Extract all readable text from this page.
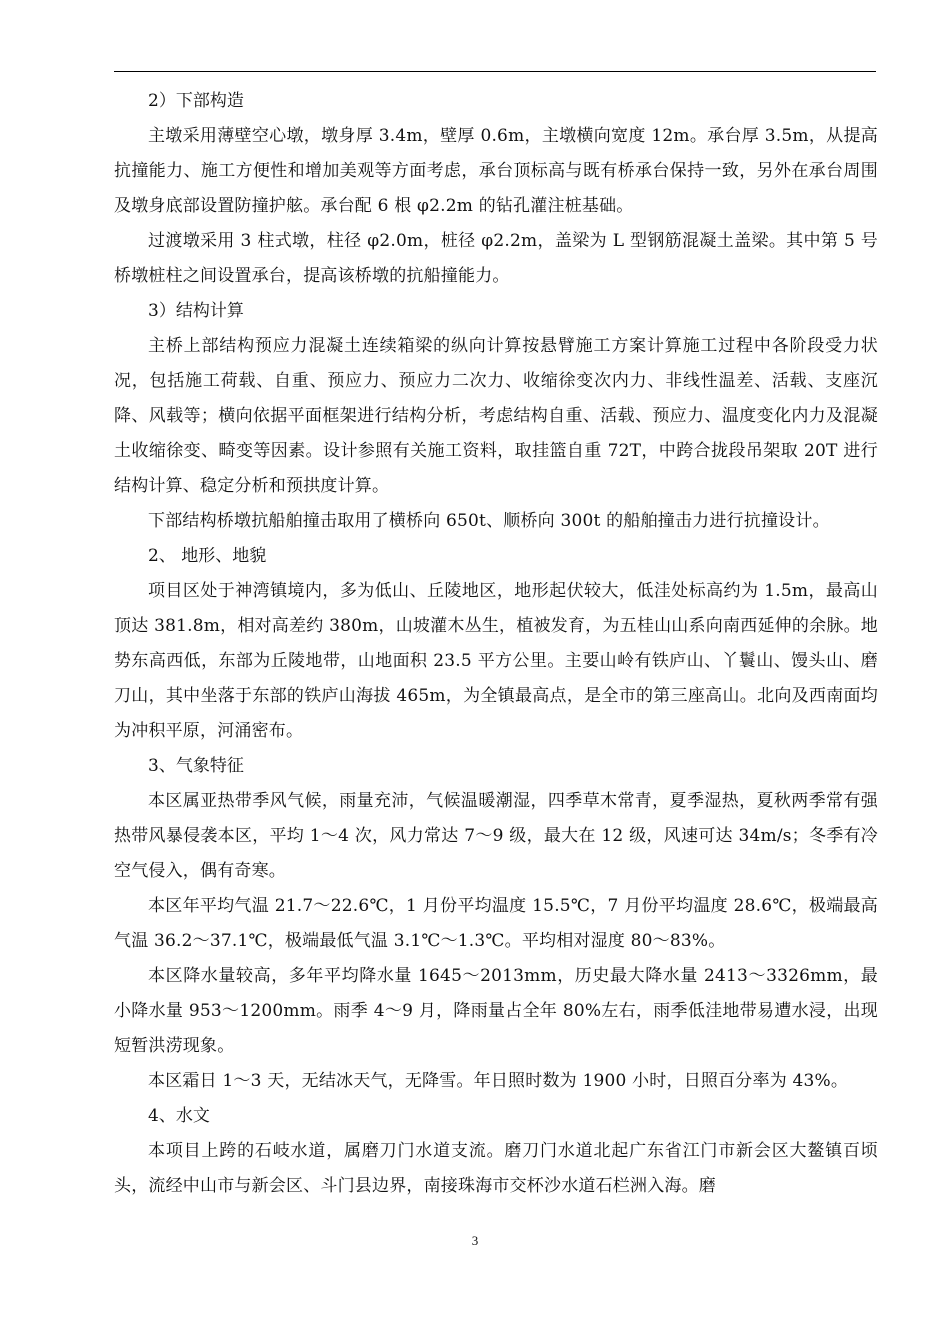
2）下部构造

主墩采用薄壁空心墩，墩身厚 3.4m，壁厚 0.6m，主墩横向宽度 12m。承台厚 3.5m，从提高抗撞能力、施工方便性和增加美观等方面考虑，承台顶标高与既有桥承台保持一致，另外在承台周围及墩身底部设置防撞护舷。承台配 6 根 φ2.2m 的钻孔灌注桩基础。

过渡墩采用 3 柱式墩，柱径 φ2.0m，桩径 φ2.2m，盖梁为 L 型钢筋混凝土盖梁。其中第 5 号桥墩桩柱之间设置承台，提高该桥墩的抗船撞能力。

3）结构计算

主桥上部结构预应力混凝土连续箱梁的纵向计算按悬臂施工方案计算施工过程中各阶段受力状况，包括施工荷载、自重、预应力、预应力二次力、收缩徐变次内力、非线性温差、活载、支座沉降、风载等；横向依据平面框架进行结构分析，考虑结构自重、活载、预应力、温度变化内力及混凝土收缩徐变、畸变等因素。设计参照有关施工资料，取挂篮自重 72T，中跨合拢段吊架取 20T 进行结构计算、稳定分析和预拱度计算。

下部结构桥墩抗船舶撞击取用了横桥向 650t、顺桥向 300t 的船舶撞击力进行抗撞设计。

2、 地形、地貌

项目区处于神湾镇境内，多为低山、丘陵地区，地形起伏较大，低洼处标高约为 1.5m，最高山顶达 381.8m，相对高差约 380m，山坡灌木丛生，植被发育，为五桂山山系向南西延伸的余脉。地势东高西低，东部为丘陵地带，山地面积 23.5 平方公里。主要山岭有铁庐山、丫鬟山、馒头山、磨刀山，其中坐落于东部的铁庐山海拔 465m，为全镇最高点，是全市的第三座高山。北向及西南面均为冲积平原，河涌密布。

3、气象特征

本区属亚热带季风气候，雨量充沛，气候温暖潮湿，四季草木常青，夏季湿热，夏秋两季常有强热带风暴侵袭本区，平均 1～4 次，风力常达 7～9 级，最大在 12 级，风速可达 34m/s；冬季有冷空气侵入，偶有奇寒。

本区年平均气温 21.7～22.6℃，1 月份平均温度 15.5℃，7 月份平均温度 28.6℃，极端最高气温 36.2～37.1℃，极端最低气温 3.1℃～1.3℃。平均相对湿度 80～83%。

本区降水量较高，多年平均降水量 1645～2013mm，历史最大降水量 2413～3326mm，最小降水量 953～1200mm。雨季 4～9 月，降雨量占全年 80%左右，雨季低洼地带易遭水浸，出现短暂洪涝现象。

本区霜日 1～3 天，无结冰天气，无降雪。年日照时数为 1900 小时，日照百分率为 43%。

4、水文

本项目上跨的石岐水道，属磨刀门水道支流。磨刀门水道北起广东省江门市新会区大鳌镇百顷头，流经中山市与新会区、斗门县边界，南接珠海市交杯沙水道石栏洲入海。磨

3
